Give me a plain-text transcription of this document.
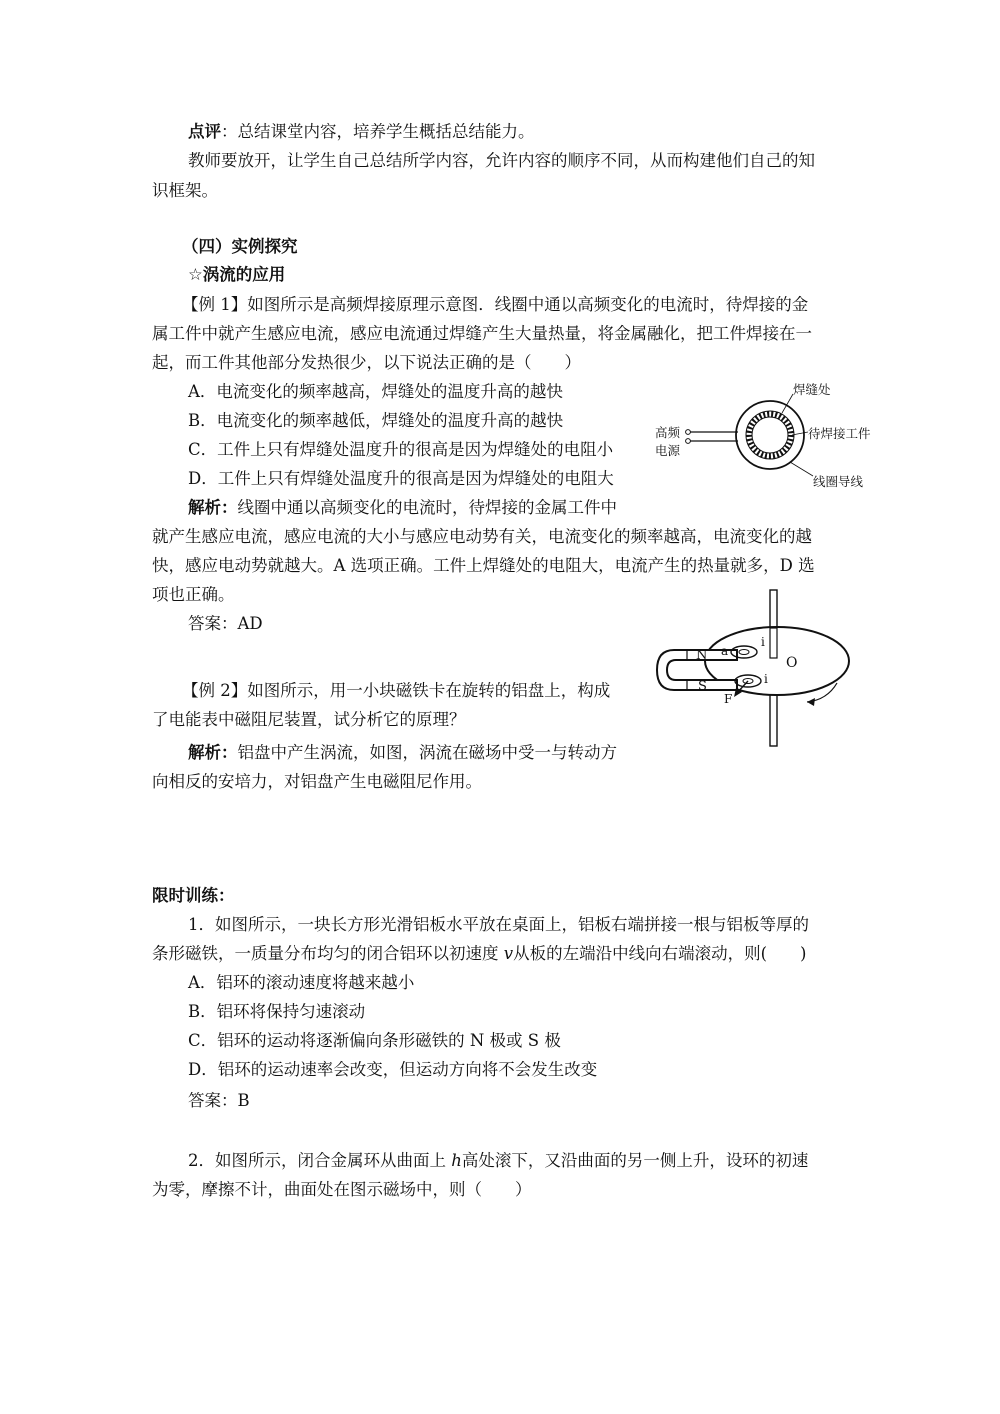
点评：总结课堂内容，培养学生概括总结能力。
教师要放开，让学生自己总结所学内容，允许内容的顺序不同，从而构建他们自己的知
识框架。
（四）实例探究
☆涡流的应用
【例 1】如图所示是高频焊接原理示意图．线圈中通以高频变化的电流时，待焊接的金
属工件中就产生感应电流，感应电流通过焊缝产生大量热量，将金属融化，把工件焊接在一
起，而工件其他部分发热很少，以下说法正确的是（　　）
A．电流变化的频率越高，焊缝处的温度升高的越快
B．电流变化的频率越低，焊缝处的温度升高的越快
C．工件上只有焊缝处温度升的很高是因为焊缝处的电阻小
D．工件上只有焊缝处温度升的很高是因为焊缝处的电阻大
解析：线圈中通以高频变化的电流时，待焊接的金属工件中
就产生感应电流，感应电流的大小与感应电动势有关，电流变化的频率越高，电流变化的越
快，感应电动势就越大。A 选项正确。工件上焊缝处的电阻大，电流产生的热量就多，D 选
项也正确。
答案：AD
焊缝处
待焊接工件
高频
电源
线圈导线
【例 2】如图所示，用一小块磁铁卡在旋转的铝盘上，构成
了电能表中磁阻尼装置，试分析它的原理？
解析：铝盘中产生涡流，如图，涡流在磁场中受一与转动方
向相反的安培力，对铝盘产生电磁阻尼作用。
N
S
O
a
i
i
F
限时训练：
1．如图所示，一块长方形光滑铝板水平放在桌面上，铝板右端拼接一根与铝板等厚的
条形磁铁，一质量分布均匀的闭合铝环以初速度 v从板的左端沿中线向右端滚动，则(　　)
A．铝环的滚动速度将越来越小
B．铝环将保持匀速滚动
C．铝环的运动将逐渐偏向条形磁铁的 N 极或 S 极
D．铝环的运动速率会改变，但运动方向将不会发生改变
答案：B
2．如图所示，闭合金属环从曲面上 h高处滚下，又沿曲面的另一侧上升，设环的初速
为零，摩擦不计，曲面处在图示磁场中，则（　　）
